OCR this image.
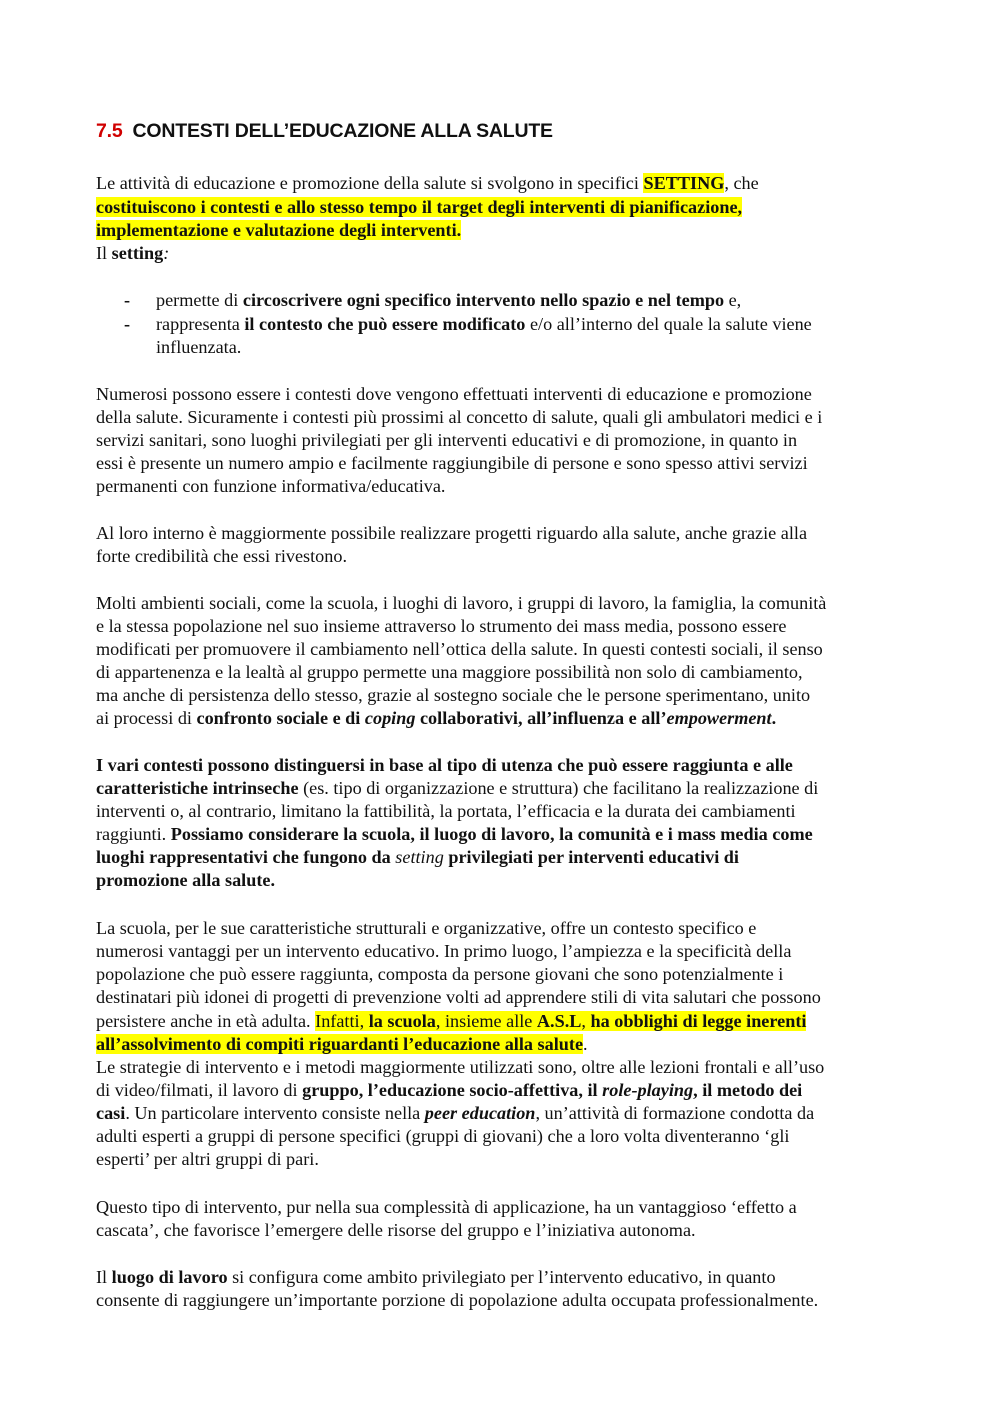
7.5 CONTESTI DELL’EDUCAZIONE ALLA SALUTE
Le attività di educazione e promozione della salute si svolgono in specifici SETTING, che
costituiscono i contesti e allo stesso tempo il target degli interventi di pianificazione,
implementazione e valutazione degli interventi.
Il setting:
- permette di circoscrivere ogni specifico intervento nello spazio e nel tempo e,
- rappresenta il contesto che può essere modificato e/o all’interno del quale la salute viene
influenzata.
Numerosi possono essere i contesti dove vengono effettuati interventi di educazione e promozione
della salute. Sicuramente i contesti più prossimi al concetto di salute, quali gli ambulatori medici e i
servizi sanitari, sono luoghi privilegiati per gli interventi educativi e di promozione, in quanto in
essi è presente un numero ampio e facilmente raggiungibile di persone e sono spesso attivi servizi
permanenti con funzione informativa/educativa.
Al loro interno è maggiormente possibile realizzare progetti riguardo alla salute, anche grazie alla
forte credibilità che essi rivestono.
Molti ambienti sociali, come la scuola, i luoghi di lavoro, i gruppi di lavoro, la famiglia, la comunità
e la stessa popolazione nel suo insieme attraverso lo strumento dei mass media, possono essere
modificati per promuovere il cambiamento nell’ottica della salute. In questi contesti sociali, il senso
di appartenenza e la lealtà al gruppo permette una maggiore possibilità non solo di cambiamento,
ma anche di persistenza dello stesso, grazie al sostegno sociale che le persone sperimentano, unito
ai processi di confronto sociale e di coping collaborativi, all’influenza e all’empowerment.
I vari contesti possono distinguersi in base al tipo di utenza che può essere raggiunta e alle
caratteristiche intrinseche (es. tipo di organizzazione e struttura) che facilitano la realizzazione di
interventi o, al contrario, limitano la fattibilità, la portata, l’efficacia e la durata dei cambiamenti
raggiunti. Possiamo considerare la scuola, il luogo di lavoro, la comunità e i mass media come
luoghi rappresentativi che fungono da setting privilegiati per interventi educativi di
promozione alla salute.
La scuola, per le sue caratteristiche strutturali e organizzative, offre un contesto specifico e
numerosi vantaggi per un intervento educativo. In primo luogo, l’ampiezza e la specificità della
popolazione che può essere raggiunta, composta da persone giovani che sono potenzialmente i
destinatari più idonei di progetti di prevenzione volti ad apprendere stili di vita salutari che possono
persistere anche in età adulta. Infatti, la scuola, insieme alle A.S.L, ha obblighi di legge inerenti
all’assolvimento di compiti riguardanti l’educazione alla salute.
Le strategie di intervento e i metodi maggiormente utilizzati sono, oltre alle lezioni frontali e all’uso
di video/filmati, il lavoro di gruppo, l’educazione socio-affettiva, il role-playing, il metodo dei
casi. Un particolare intervento consiste nella peer education, un’attività di formazione condotta da
adulti esperti a gruppi di persone specifici (gruppi di giovani) che a loro volta diventeranno ‘gli
esperti’ per altri gruppi di pari.
Questo tipo di intervento, pur nella sua complessità di applicazione, ha un vantaggioso ‘effetto a
cascata’, che favorisce l’emergere delle risorse del gruppo e l’iniziativa autonoma.
Il luogo di lavoro si configura come ambito privilegiato per l’intervento educativo, in quanto
consente di raggiungere un’importante porzione di popolazione adulta occupata professionalmente.
